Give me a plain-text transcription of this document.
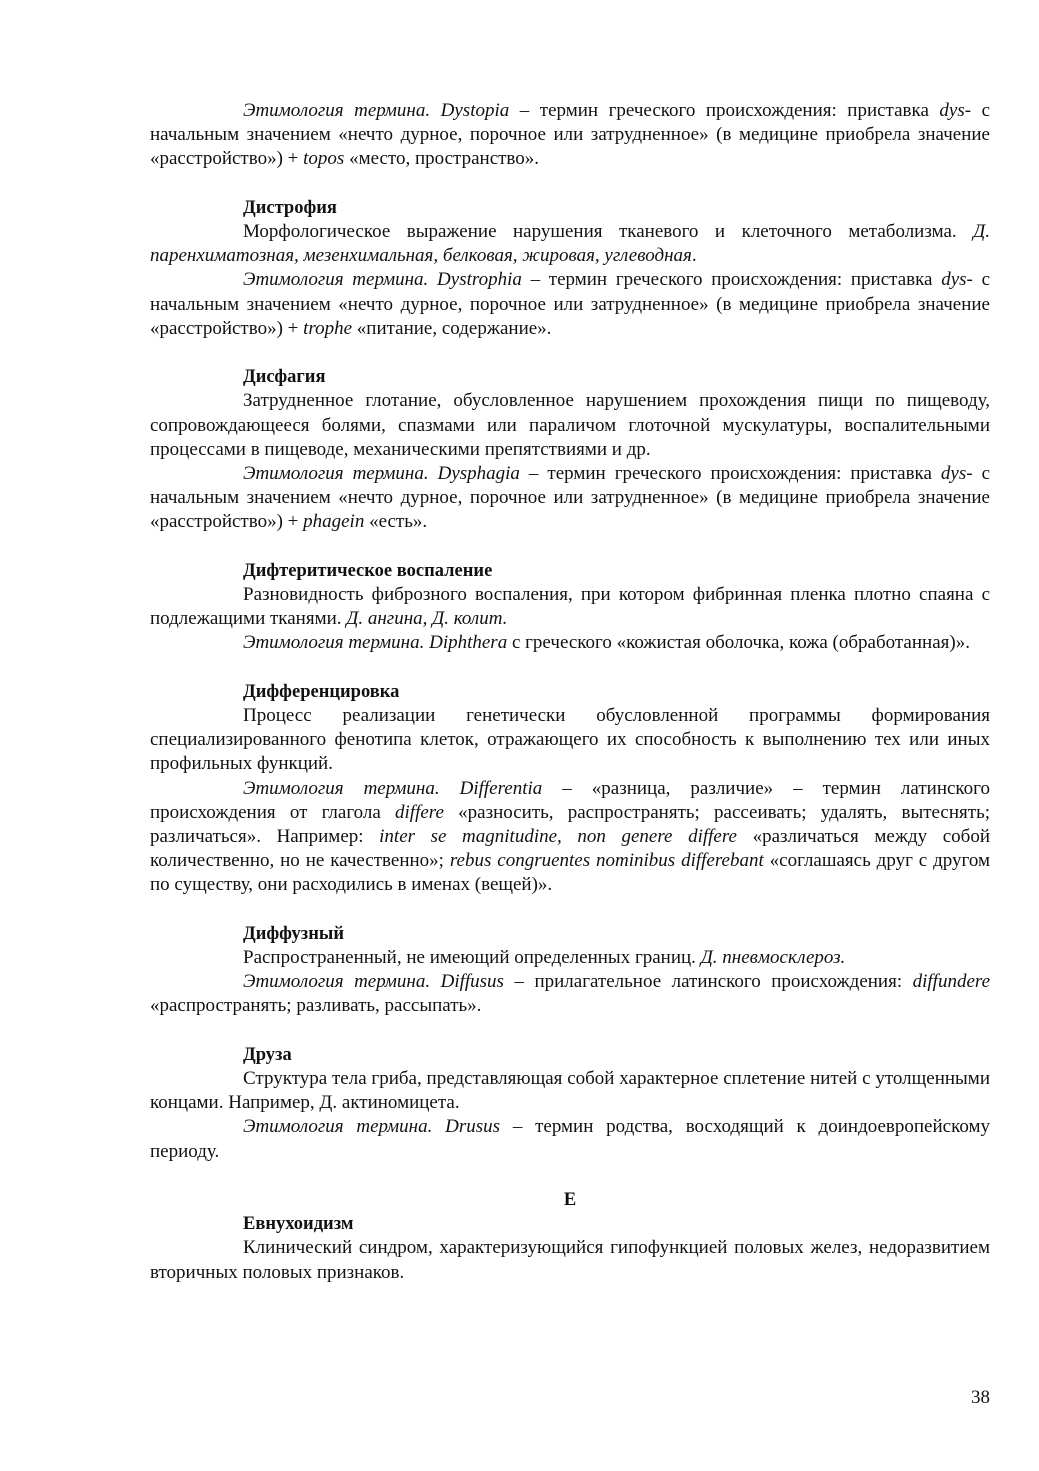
Этимология термина. Dystopia – термин греческого происхождения: приставка dys- с начальным значением «нечто дурное, порочное или затрудненное» (в медицине приобрела значение «расстройство») + topos «место, пространство».

Дистрофия

Морфологическое выражение нарушения тканевого и клеточного метаболизма. Д. паренхиматозная, мезенхимальная, белковая, жировая, углеводная.

Этимология термина. Dystrophia – термин греческого происхождения: приставка dys- с начальным значением «нечто дурное, порочное или затрудненное» (в медицине приобрела значение «расстройство») + trophe «питание, содержание».

Дисфагия

Затрудненное глотание, обусловленное нарушением прохождения пищи по пищеводу, сопровождающееся болями, спазмами или параличом глоточной мускулатуры, воспалительными процессами в пищеводе, механическими препятствиями и др.

Этимология термина. Dysphagia – термин греческого происхождения: приставка dys- с начальным значением «нечто дурное, порочное или затрудненное» (в медицине приобрела значение «расстройство») + phagein «есть».

Дифтеритическое воспаление

Разновидность фиброзного воспаления, при котором фибринная пленка плотно спаяна с подлежащими тканями. Д. ангина, Д. колит.

Этимология термина. Diphthera с греческого «кожистая оболочка, кожа (обработанная)».

Дифференцировка

Процесс реализации генетически обусловленной программы формирования специализированного фенотипа клеток, отражающего их способность к выполнению тех или иных профильных функций.

Этимология термина. Differentia – «разница, различие» – термин латинского происхождения от глагола differe «разносить, распространять; рассеивать; удалять, вытеснять; различаться». Например: inter se magnitudine, non genere differe «различаться между собой количественно, но не качественно»; rebus congruentes nominibus differebant «соглашаясь друг с другом по существу, они расходились в именах (вещей)».

Диффузный

Распространенный, не имеющий определенных границ. Д. пневмосклероз.

Этимология термина. Diffusus – прилагательное латинского происхождения: diffundere «распространять; разливать, рассыпать».

Друза

Структура тела гриба, представляющая собой характерное сплетение нитей с утолщенными концами. Например, Д. актиномицета.

Этимология термина. Drusus – термин родства, восходящий к доиндоевропейскому периоду.

Е

Евнухоидизм

Клинический синдром, характеризующийся гипофункцией половых желез, недоразвитием вторичных половых признаков.

38
